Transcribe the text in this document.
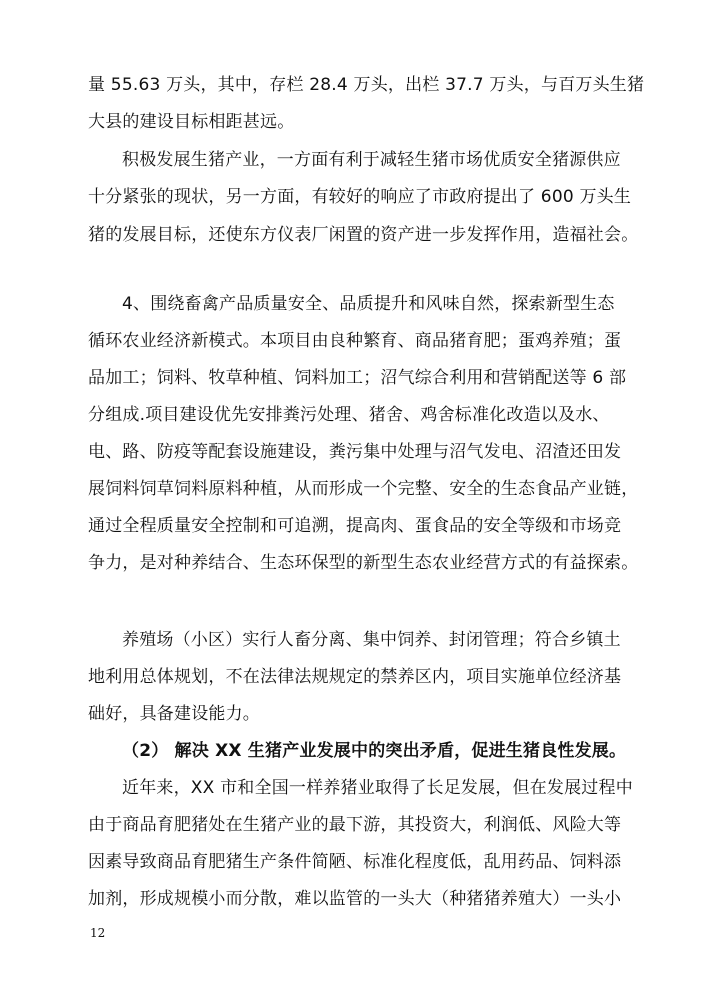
量 55.63 万头，其中，存栏 28.4 万头，出栏 37.7 万头，与百万头生猪
大县的建设目标相距甚远。
积极发展生猪产业，一方面有利于减轻生猪市场优质安全猪源供应
十分紧张的现状，另一方面，有较好的响应了市政府提出了 600 万头生
猪的发展目标，还使东方仪表厂闲置的资产进一步发挥作用，造福社会。
4、围绕畜禽产品质量安全、品质提升和风味自然，探索新型生态
循环农业经济新模式。本项目由良种繁育、商品猪育肥；蛋鸡养殖；蛋
品加工；饲料、牧草种植、饲料加工；沼气综合利用和营销配送等 6 部
分组成.项目建设优先安排粪污处理、猪舍、鸡舍标准化改造以及水、
电、路、防疫等配套设施建设，粪污集中处理与沼气发电、沼渣还田发
展饲料饲草饲料原料种植，从而形成一个完整、安全的生态食品产业链，
通过全程质量安全控制和可追溯，提高肉、蛋食品的安全等级和市场竞
争力，是对种养结合、生态环保型的新型生态农业经营方式的有益探索。
养殖场（小区）实行人畜分离、集中饲养、封闭管理；符合乡镇土
地利用总体规划，不在法律法规规定的禁养区内，项目实施单位经济基
础好，具备建设能力。
（2） 解决 XX 生猪产业发展中的突出矛盾，促进生猪良性发展。
近年来，XX 市和全国一样养猪业取得了长足发展，但在发展过程中
由于商品育肥猪处在生猪产业的最下游，其投资大，利润低、风险大等
因素导致商品育肥猪生产条件简陋、标准化程度低，乱用药品、饲料添
加剂，形成规模小而分散，难以监管的一头大（种猪猪养殖大）一头小
12
